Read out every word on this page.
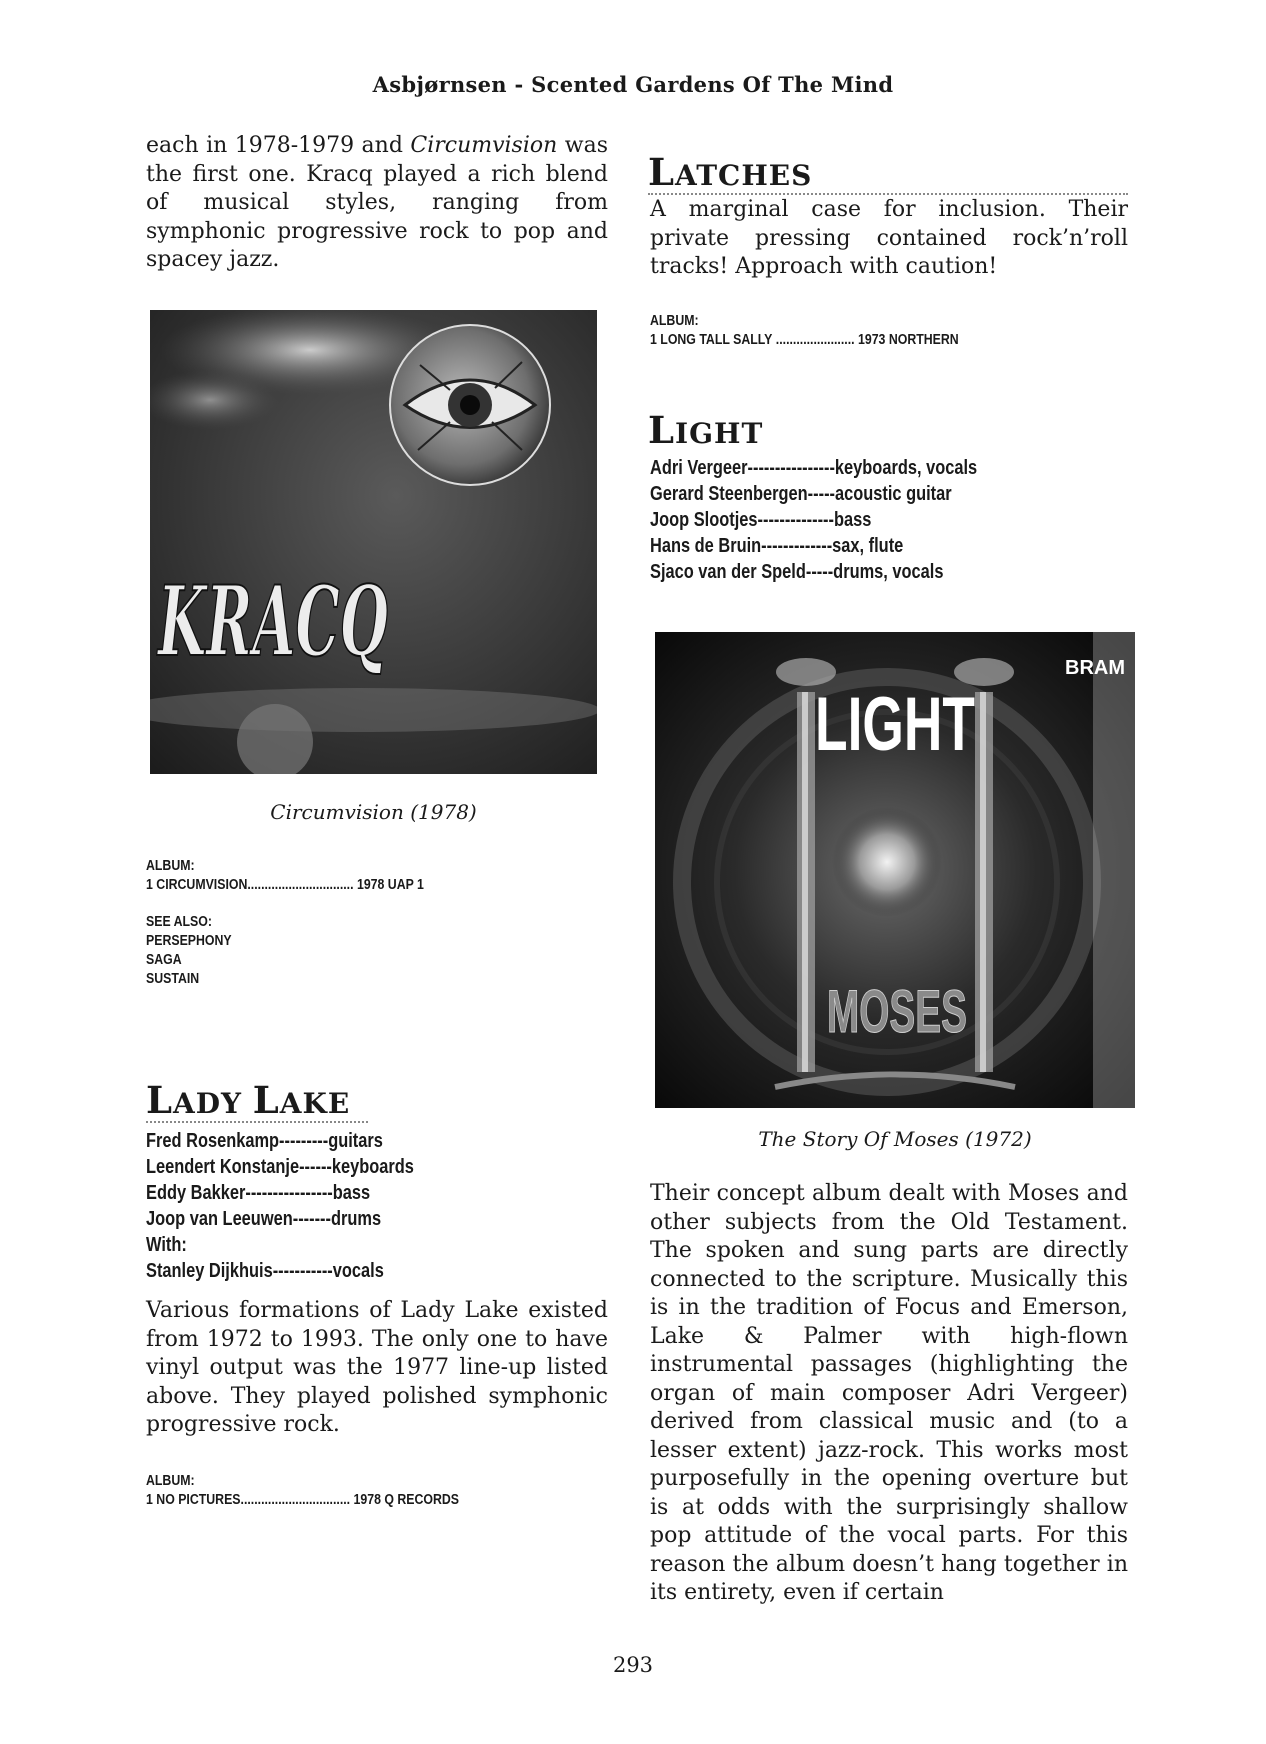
Asbjørnsen - Scented Gardens Of The Mind
each in 1978-1979 and Circumvision was the first one. Kracq played a rich blend of musical styles, ranging from symphonic progressive rock to pop and spacey jazz.
KRACQ
Circumvision (1978)
ALBUM:
1 CIRCUMVISION............................... 1978 UAP 1
SEE ALSO:
PERSEPHONY
SAGA
SUSTAIN
LADY LAKE
Fred Rosenkamp---------guitars
Leendert Konstanje------keyboards
Eddy Bakker----------------bass
Joop van Leeuwen-------drums
With:
Stanley Dijkhuis-----------vocals
Various formations of Lady Lake existed from 1972 to 1993. The only one to have vinyl output was the 1977 line-up listed above. They played polished symphonic progressive rock.
ALBUM:
1 NO PICTURES................................ 1978 Q RECORDS
LATCHES
A marginal case for inclusion. Their private pressing contained rock’n’roll tracks! Approach with caution!
ALBUM:
1 LONG TALL SALLY ....................... 1973 NORTHERN
LIGHT
Adri Vergeer----------------keyboards, vocals
Gerard Steenbergen-----acoustic guitar
Joop Slootjes--------------bass
Hans de Bruin-------------sax, flute
Sjaco van der Speld-----drums, vocals
LIGHT
MOSES
BRAM
The Story Of Moses (1972)
Their concept album dealt with Moses and other subjects from the Old Testament. The spoken and sung parts are directly connected to the scripture. Musically this is in the tradition of Focus and Emerson, Lake & Palmer with high-flown instrumental passages (highlighting the organ of main composer Adri Vergeer) derived from classical music and (to a lesser extent) jazz-rock. This works most purposefully in the opening overture but is at odds with the surprisingly shallow pop attitude of the vocal parts. For this reason the album doesn’t hang together in its entirety, even if certain
293
